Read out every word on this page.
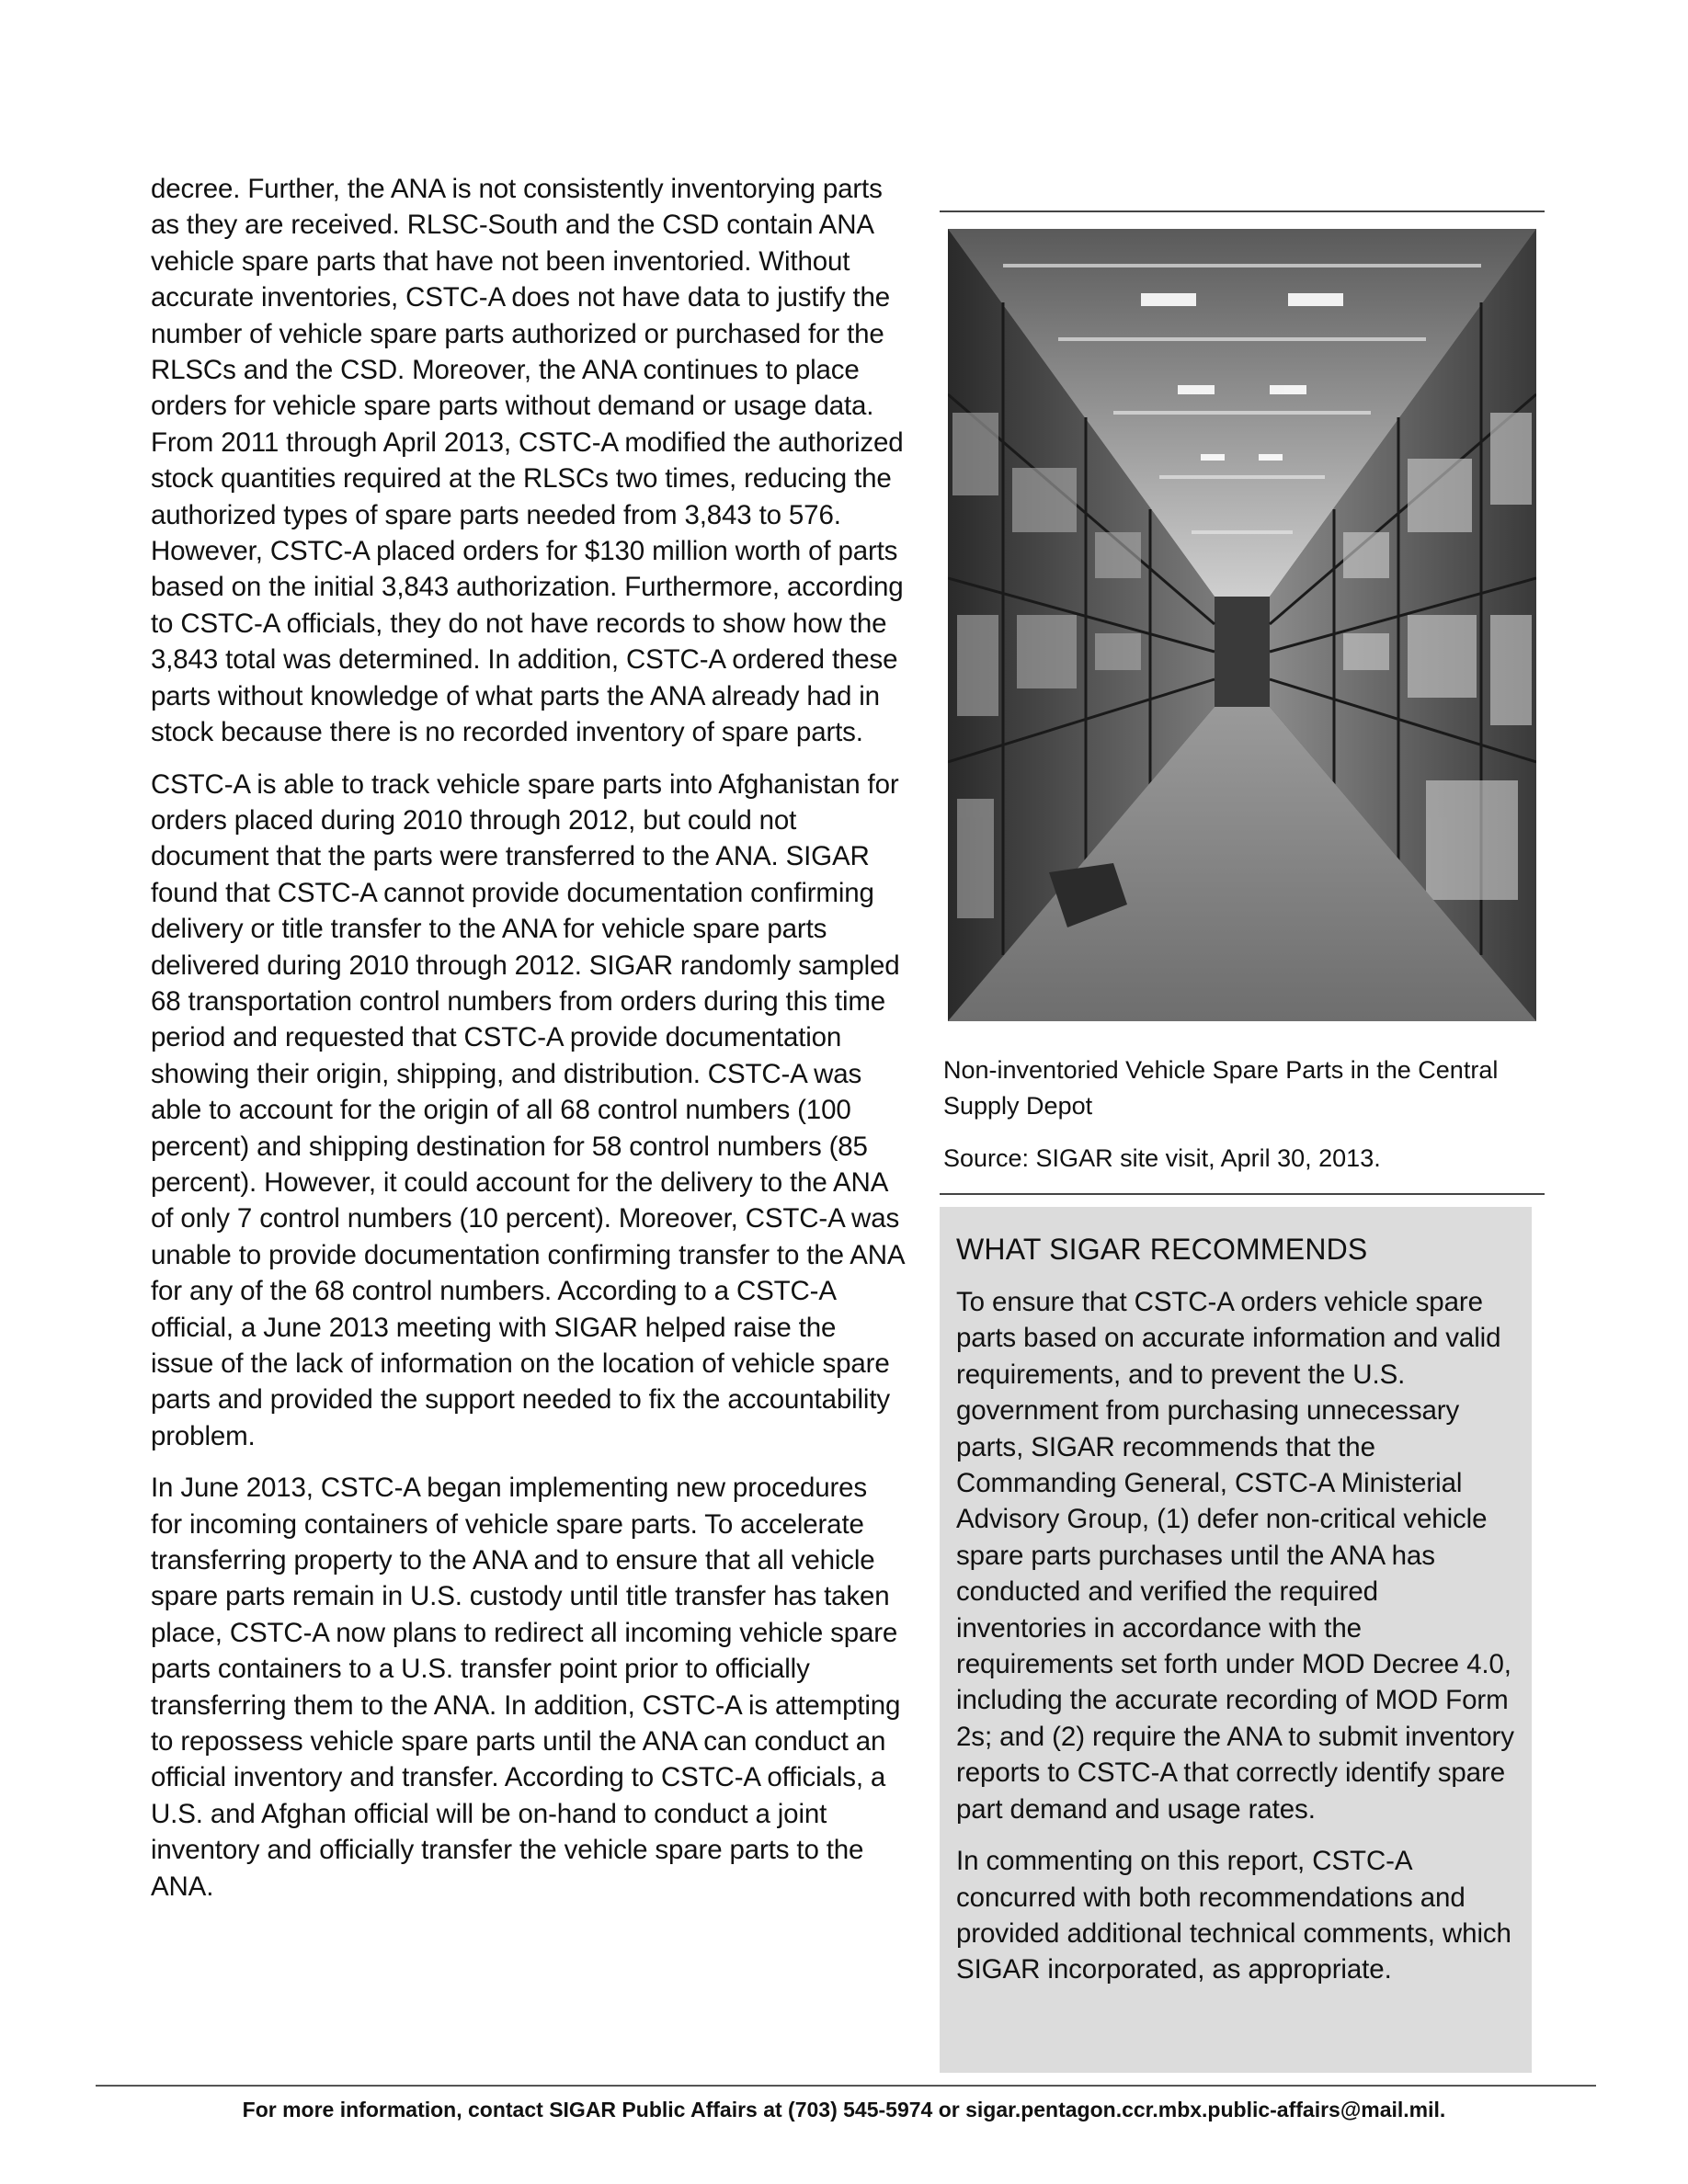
decree. Further, the ANA is not consistently inventorying parts as they are received. RLSC-South and the CSD contain ANA vehicle spare parts that have not been inventoried. Without accurate inventories, CSTC-A does not have data to justify the number of vehicle spare parts authorized or purchased for the RLSCs and the CSD. Moreover, the ANA continues to place orders for vehicle spare parts without demand or usage data. From 2011 through April 2013, CSTC-A modified the authorized stock quantities required at the RLSCs two times, reducing the authorized types of spare parts needed from 3,843 to 576. However, CSTC-A placed orders for $130 million worth of parts based on the initial 3,843 authorization. Furthermore, according to CSTC-A officials, they do not have records to show how the 3,843 total was determined. In addition, CSTC-A ordered these parts without knowledge of what parts the ANA already had in stock because there is no recorded inventory of spare parts.

CSTC-A is able to track vehicle spare parts into Afghanistan for orders placed during 2010 through 2012, but could not document that the parts were transferred to the ANA. SIGAR found that CSTC-A cannot provide documentation confirming delivery or title transfer to the ANA for vehicle spare parts delivered during 2010 through 2012. SIGAR randomly sampled 68 transportation control numbers from orders during this time period and requested that CSTC-A provide documentation showing their origin, shipping, and distribution. CSTC-A was able to account for the origin of all 68 control numbers (100 percent) and shipping destination for 58 control numbers (85 percent). However, it could account for the delivery to the ANA of only 7 control numbers (10 percent). Moreover, CSTC-A was unable to provide documentation confirming transfer to the ANA for any of the 68 control numbers. According to a CSTC-A official, a June 2013 meeting with SIGAR helped raise the issue of the lack of information on the location of vehicle spare parts and provided the support needed to fix the accountability problem.

In June 2013, CSTC-A began implementing new procedures for incoming containers of vehicle spare parts. To accelerate transferring property to the ANA and to ensure that all vehicle spare parts remain in U.S. custody until title transfer has taken place, CSTC-A now plans to redirect all incoming vehicle spare parts containers to a U.S. transfer point prior to officially transferring them to the ANA. In addition, CSTC-A is attempting to repossess vehicle spare parts until the ANA can conduct an official inventory and transfer. According to CSTC-A officials, a U.S. and Afghan official will be on-hand to conduct a joint inventory and officially transfer the vehicle spare parts to the ANA.

Non-inventoried Vehicle Spare Parts in the Central Supply Depot
Source: SIGAR site visit, April 30, 2013.
WHAT SIGAR RECOMMENDS

To ensure that CSTC-A orders vehicle spare parts based on accurate information and valid requirements, and to prevent the U.S. government from purchasing unnecessary parts, SIGAR recommends that the Commanding General, CSTC-A Ministerial Advisory Group, (1) defer non-critical vehicle spare parts purchases until the ANA has conducted and verified the required inventories in accordance with the requirements set forth under MOD Decree 4.0, including the accurate recording of MOD Form 2s; and (2) require the ANA to submit inventory reports to CSTC-A that correctly identify spare part demand and usage rates.

In commenting on this report, CSTC-A concurred with both recommendations and provided additional technical comments, which SIGAR incorporated, as appropriate.

For more information, contact SIGAR Public Affairs at (703) 545-5974 or sigar.pentagon.ccr.mbx.public-affairs@mail.mil.
